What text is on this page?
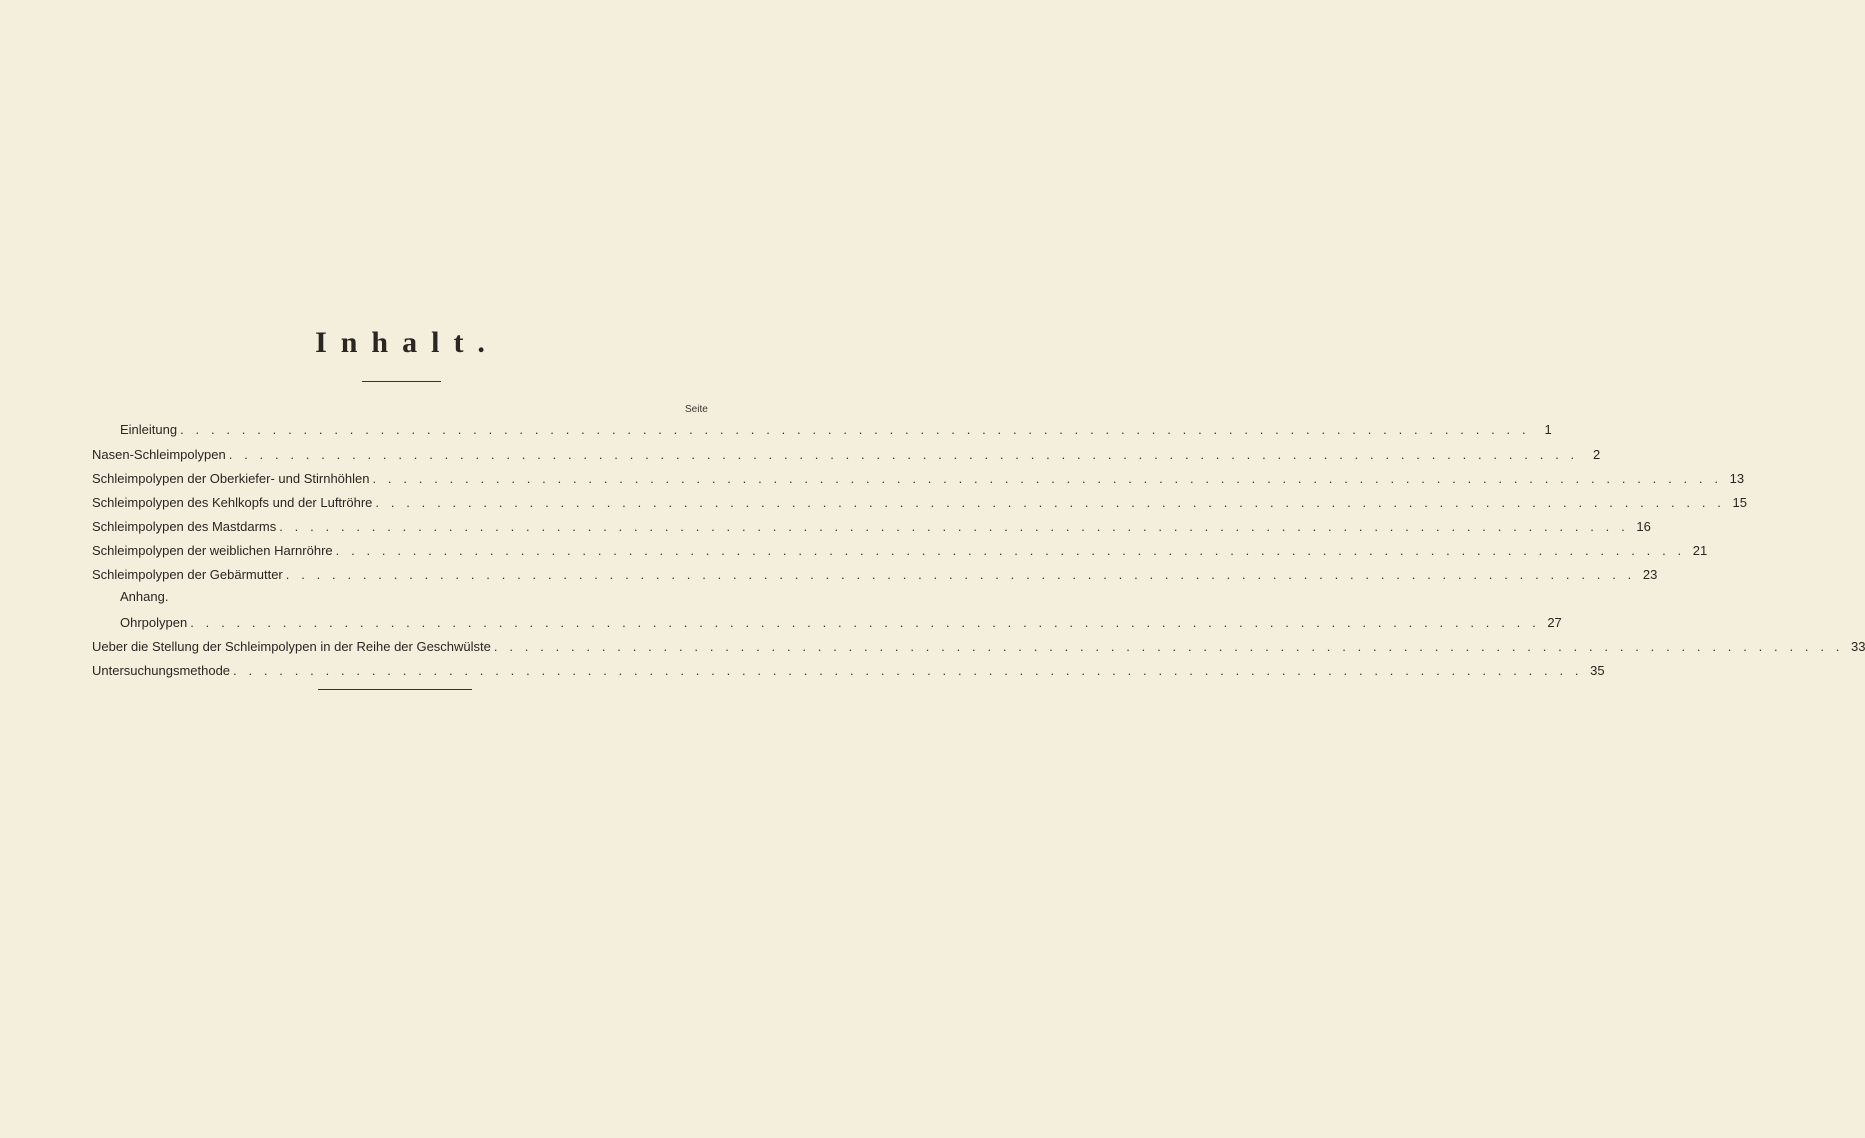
Inhalt.
Seite
Einleitung . . . . . . . . . . . . . . . . . . . . . . . . . . . . . . . . . . . . . . . . . . . . . . . . . . . . . . . . . . . . . . . . . . . . . . . . . . . . . . . . . . . . . . . .	1
Nasen-Schleimpolypen . . . . . . . . . . . . . . . . . . . . . . . . . . . . . . . . . . . . . . . . . . . . . . . . . . . . . . . . . . . . . . . . . . . . . . . . . . . . . . . . . . . . . . . .	2
Schleimpolypen der Oberkiefer- und Stirnhöhlen . . . . . . . . . . . . . . . . . . . . . . . . . . . . . . . . . . . . . . . . . . . . . . . . . . . . . . . . . . . . . . . . . . . . . . . . . . . . . . . . . . . . . . . . 13
Schleimpolypen des Kehlkopfs und der Luftröhre . . . . . . . . . . . . . . . . . . . . . . . . . . . . . . . . . . . . . . . . . . . . . . . . . . . . . . . . . . . . . . . . . . . . . . . . . . . . . . . . . . . . . . . . 15
Schleimpolypen des Mastdarms . . . . . . . . . . . . . . . . . . . . . . . . . . . . . . . . . . . . . . . . . . . . . . . . . . . . . . . . . . . . . . . . . . . . . . . . . . . . . . . . . . . . . . . . 16
Schleimpolypen der weiblichen Harnröhre . . . . . . . . . . . . . . . . . . . . . . . . . . . . . . . . . . . . . . . . . . . . . . . . . . . . . . . . . . . . . . . . . . . . . . . . . . . . . . . . . . . . . . . . 21
Schleimpolypen der Gebärmutter . . . . . . . . . . . . . . . . . . . . . . . . . . . . . . . . . . . . . . . . . . . . . . . . . . . . . . . . . . . . . . . . . . . . . . . . . . . . . . . . . . . . . . . . 23
Anhang.
Ohrpolypen . . . . . . . . . . . . . . . . . . . . . . . . . . . . . . . . . . . . . . . . . . . . . . . . . . . . . . . . . . . . . . . . . . . . . . . . . . . . . . . . . . . . . . . . 27
Ueber die Stellung der Schleimpolypen in der Reihe der Geschwülste . . . . . . . . . . . . . . . . . . . . . . . . . . . . . . . . . . . . . . . . . . . . . . . . . . . . . . . . . . . . . . . . . . . . . . . . . . . . . . . . . . . . . . . . 33
Untersuchungsmethode . . . . . . . . . . . . . . . . . . . . . . . . . . . . . . . . . . . . . . . . . . . . . . . . . . . . . . . . . . . . . . . . . . . . . . . . . . . . . . . . . . . . . . . . 35
